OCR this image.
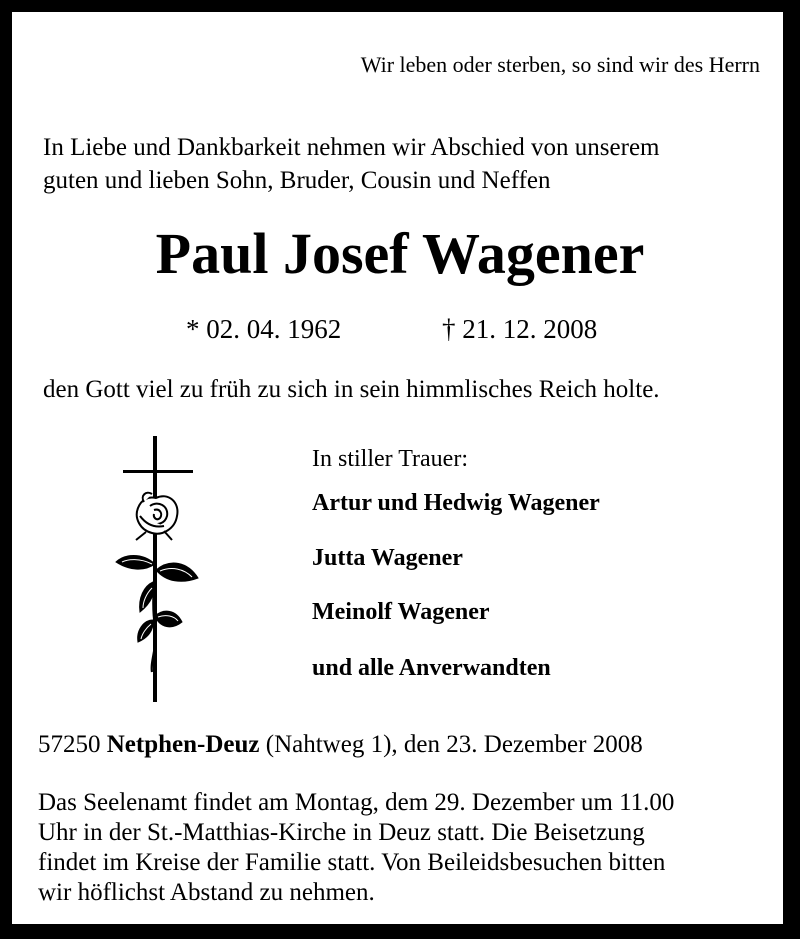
Wir leben oder sterben, so sind wir des Herrn
In Liebe und Dankbarkeit nehmen wir Abschied von unserem
guten und lieben Sohn, Bruder, Cousin und Neffen
Paul Josef Wagener
* 02. 04. 1962	† 21. 12. 2008
den Gott viel zu früh zu sich in sein himmlisches Reich holte.
In stiller Trauer:
Artur und Hedwig Wagener
Jutta Wagener
Meinolf Wagener
und alle Anverwandten
57250 Netphen-Deuz (Nahtweg 1), den 23. Dezember 2008
Das Seelenamt findet am Montag, dem 29. Dezember um 11.00
Uhr in der St.-Matthias-Kirche in Deuz statt. Die Beisetzung
findet im Kreise der Familie statt. Von Beileidsbesuchen bitten
wir höflichst Abstand zu nehmen.
